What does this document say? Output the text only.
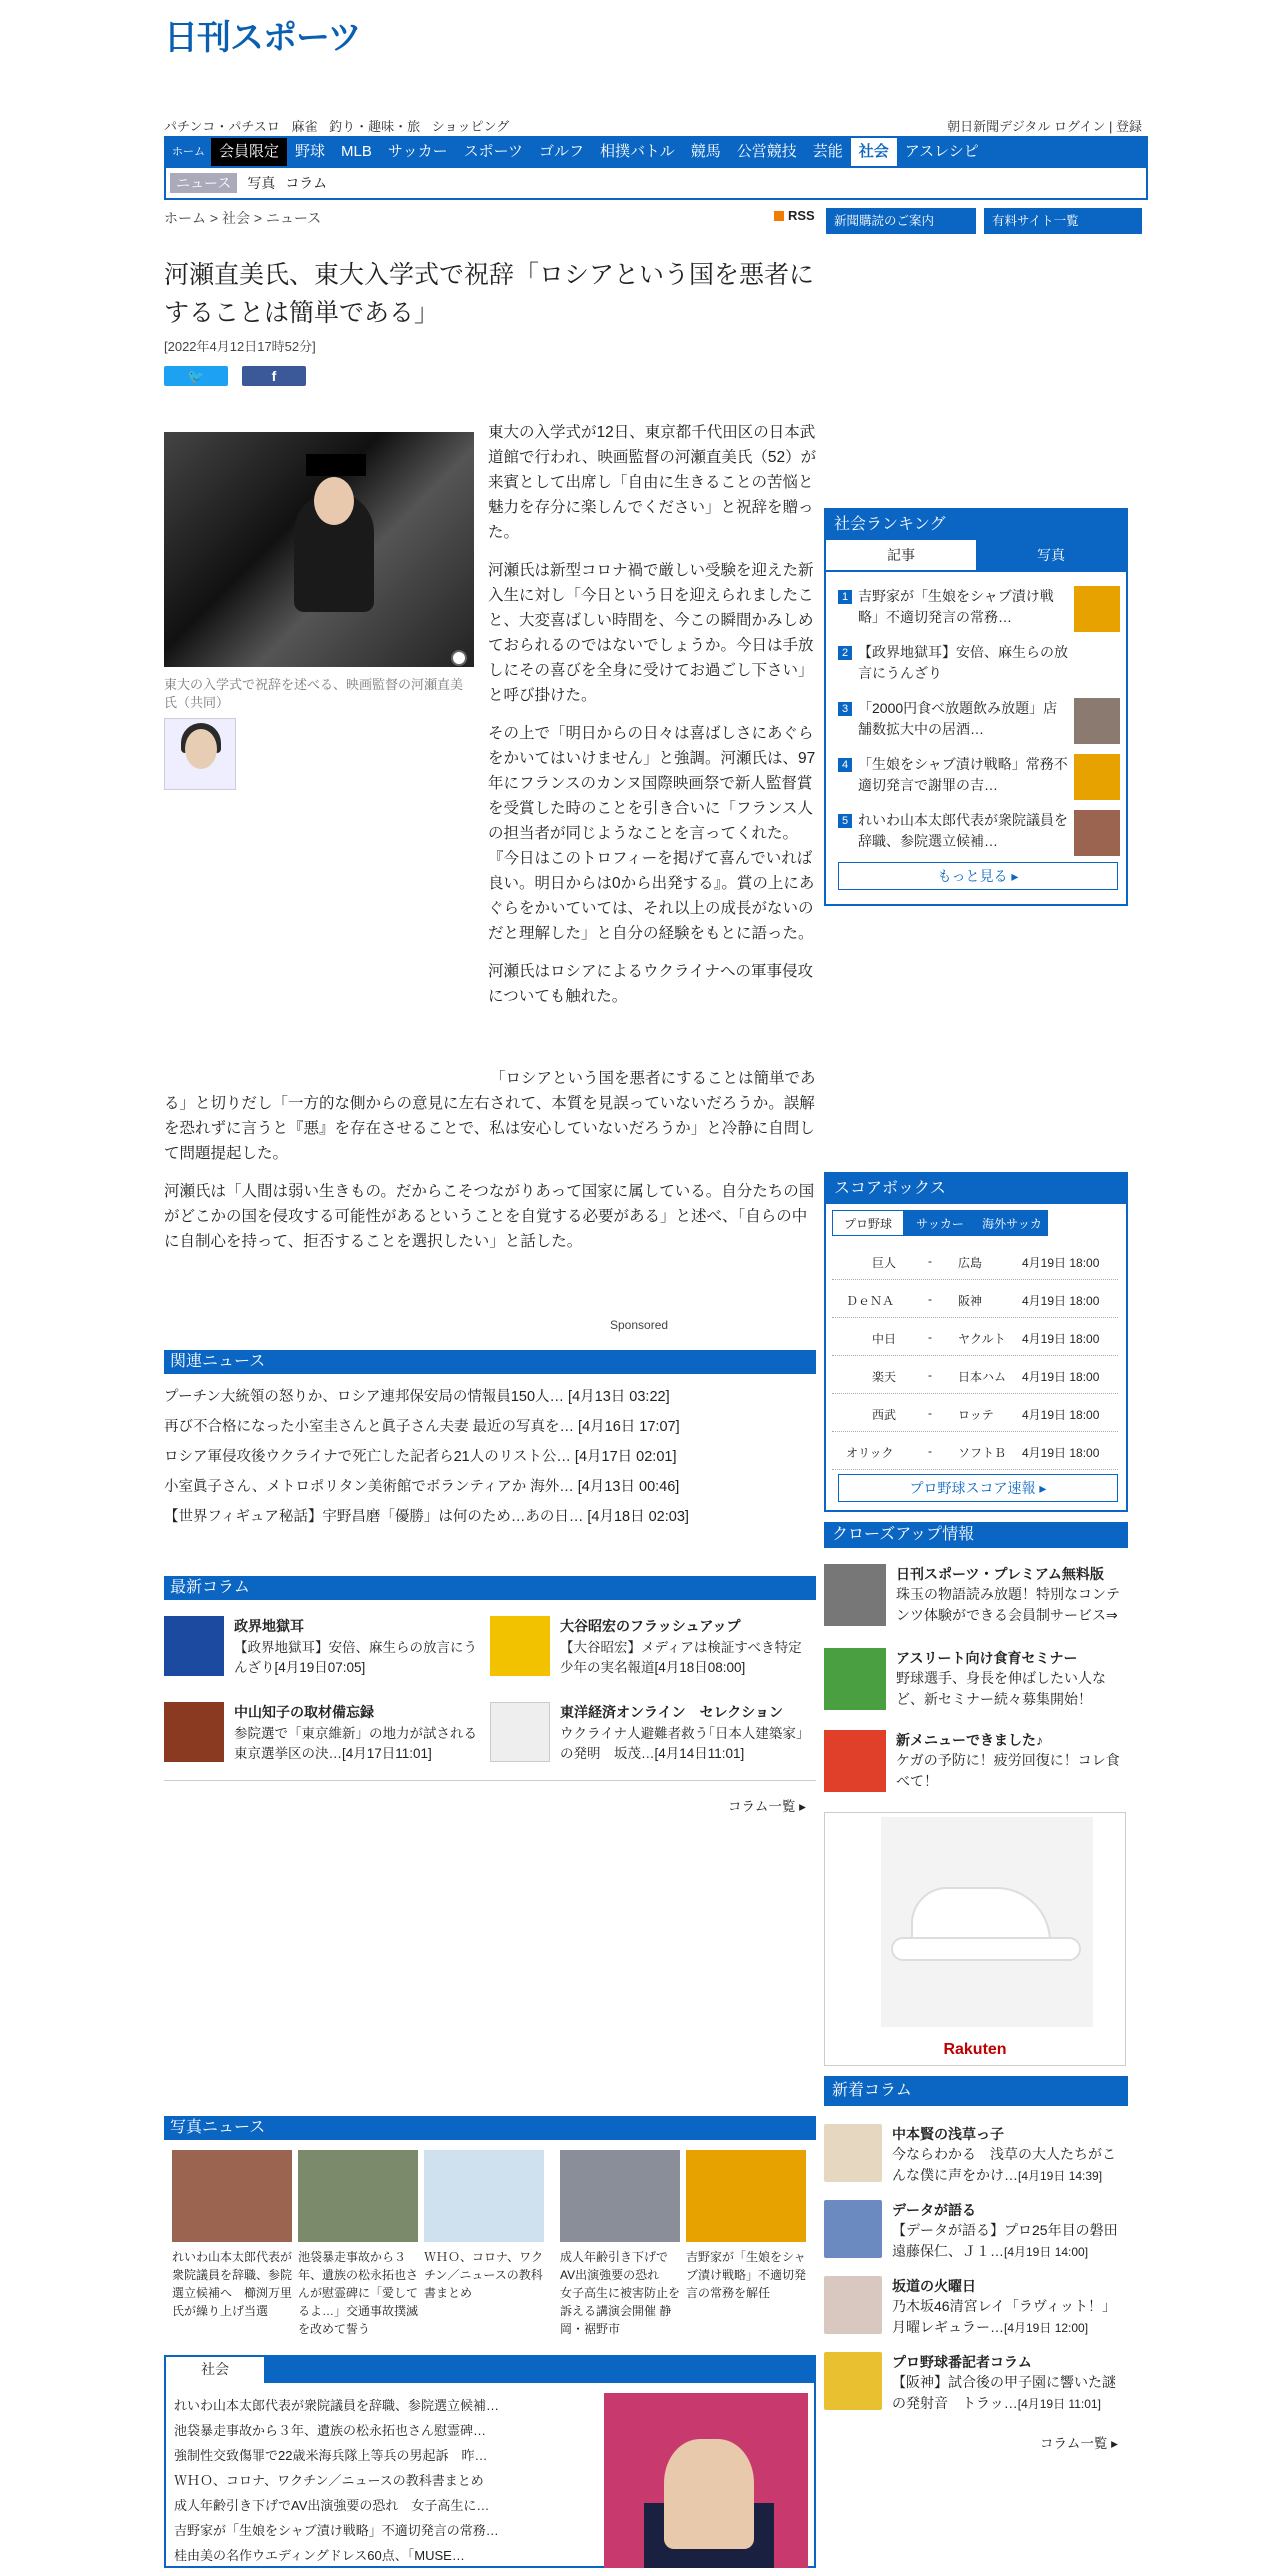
日刊スポーツ
パチンコ・パチスロ 麻雀 釣り・趣味・旅 ショッピング	朝日新聞デジタル ログイン | 登録
ホーム 会員限定	野球	MLB	サッカー	スポーツ	ゴルフ	相撲バトル	競馬	公営競技	芸能	社会	アスレシピ
ニュース	写真 コラム
ホーム > 社会 > ニュース	RSS
河瀬直美氏、東大入学式で祝辞「ロシアという国を悪者にすることは簡単である」
[2022年4月12日17時52分]
🐦	f
東大の入学式で祝辞を述べる、映画監督の河瀬直美氏（共同）

東大の入学式が12日、東京都千代田区の日本武道館で行われ、映画監督の河瀬直美氏（52）が来賓として出席し「自由に生きることの苦悩と魅力を存分に楽しんでください」と祝辞を贈った。

河瀬氏は新型コロナ禍で厳しい受験を迎えた新入生に対し「今日という日を迎えられましたこと、大変喜ばしい時間を、今この瞬間かみしめておられるのではないでしょうか。今日は手放しにその喜びを全身に受けてお過ごし下さい」と呼び掛けた。

その上で「明日からの日々は喜ばしさにあぐらをかいてはいけません」と強調。河瀬氏は、97年にフランスのカンヌ国際映画祭で新人監督賞を受賞した時のことを引き合いに「フランス人の担当者が同じようなことを言ってくれた。『今日はこのトロフィーを掲げて喜んでいれば良い。明日からは0から出発する』。賞の上にあぐらをかいていては、それ以上の成長がないのだと理解した」と自分の経験をもとに語った。

河瀬氏はロシアによるウクライナへの軍事侵攻についても触れた。

「ロシアという国を悪者にすることは簡単である」と切りだし「一方的な側からの意見に左右されて、本質を見誤っていないだろうか。誤解を恐れずに言うと『悪』を存在させることで、私は安心していないだろうか」と冷静に自問して問題提起した。

河瀬氏は「人間は弱い生きもの。だからこそつながりあって国家に属している。自分たちの国がどこかの国を侵攻する可能性があるということを自覚する必要がある」と述べ、「自らの中に自制心を持って、拒否することを選択したい」と話した。

Sponsored
関連ニュース
プーチン大統領の怒りか、ロシア連邦保安局の情報員150人… [4月13日 03:22]
再び不合格になった小室圭さんと眞子さん夫妻 最近の写真を… [4月16日 17:07]
ロシア軍侵攻後ウクライナで死亡した記者ら21人のリスト公… [4月17日 02:01]
小室眞子さん、メトロポリタン美術館でボランティアか 海外… [4月13日 00:46]
【世界フィギュア秘話】宇野昌磨「優勝」は何のため…あの日… [4月18日 02:03]
最新コラム
政界地獄耳
【政界地獄耳】安倍、麻生らの放言にうんざり[4月19日07:05]
大谷昭宏のフラッシュアップ
【大谷昭宏】メディアは検証すべき特定少年の実名報道[4月18日08:00]
中山知子の取材備忘録
参院選で「東京維新」の地力が試される東京選挙区の決…[4月17日11:01]
東洋経済オンライン　セレクション
ウクライナ人避難者救う｢日本人建築家｣の発明　坂茂…[4月14日11:01]
コラム一覧 ▸
写真ニュース
れいわ山本太郎代表が衆院議員を辞職、参院選立候補へ　櫛渕万里氏が繰り上げ当選
池袋暴走事故から３年、遺族の松永拓也さんが慰霊碑に「愛してるよ…」交通事故撲滅を改めて誓う
ＷＨＯ、コロナ、ワクチン／ニュースの教科書まとめ
成人年齢引き下げでAV出演強要の恐れ　女子高生に被害防止を訴える講演会開催 静岡・裾野市
吉野家が「生娘をシャブ漬け戦略」不適切発言の常務を解任
社会
れいわ山本太郎代表が衆院議員を辞職、参院選立候補…
池袋暴走事故から３年、遺族の松永拓也さん慰霊碑…
強制性交致傷罪で22歳米海兵隊上等兵の男起訴　昨…
ＷＨＯ、コロナ、ワクチン／ニュースの教科書まとめ
成人年齢引き下げでAV出演強要の恐れ　女子高生に…
吉野家が「生娘をシャブ漬け戦略」不適切発言の常務…
桂由美の名作ウエディングドレス60点、「MUSE…
新聞購読のご案内	有料サイト一覧
社会ランキング
記事	写真
1 吉野家が「生娘をシャブ漬け戦略」不適切発言の常務…
2 【政界地獄耳】安倍、麻生らの放言にうんざり
3 「2000円食べ放題飲み放題」店舗数拡大中の居酒…
4 「生娘をシャブ漬け戦略」常務不適切発言で謝罪の吉…
5 れいわ山本太郎代表が衆院議員を辞職、参院選立候補…
もっと見る ▸
スコアボックス
プロ野球	サッカー	海外サッカー
巨人	- 広島	4月19日 18:00
ＤｅＮＡ	- 阪神	4月19日 18:00
中日	- ヤクルト 4月19日 18:00
楽天	- 日本ハム 4月19日 18:00
西武	- ロッテ 4月19日 18:00
オリック	- ソフトＢ 4月19日 18:00
プロ野球スコア速報 ▸
クローズアップ情報
日刊スポーツ・プレミアム無料版
珠玉の物語読み放題！特別なコンテンツ体験ができる会員制サービス⇒
アスリート向け食育セミナー
野球選手、身長を伸ばしたい人など、新セミナー続々募集開始！
新メニューできました♪
ケガの予防に！疲労回復に！コレ食べて！
Rakuten
新着コラム
中本賢の浅草っ子
今ならわかる　浅草の大人たちがこんな僕に声をかけ…[4月19日 14:39]
データが語る
【データが語る】プロ25年目の磐田遠藤保仁、Ｊ１…[4月19日 14:00]
坂道の火曜日
乃木坂46清宮レイ「ラヴィット！」月曜レギュラー…[4月19日 12:00]
プロ野球番記者コラム
【阪神】試合後の甲子園に響いた謎の発射音　トラッ…[4月19日 11:01]
コラム一覧 ▸
